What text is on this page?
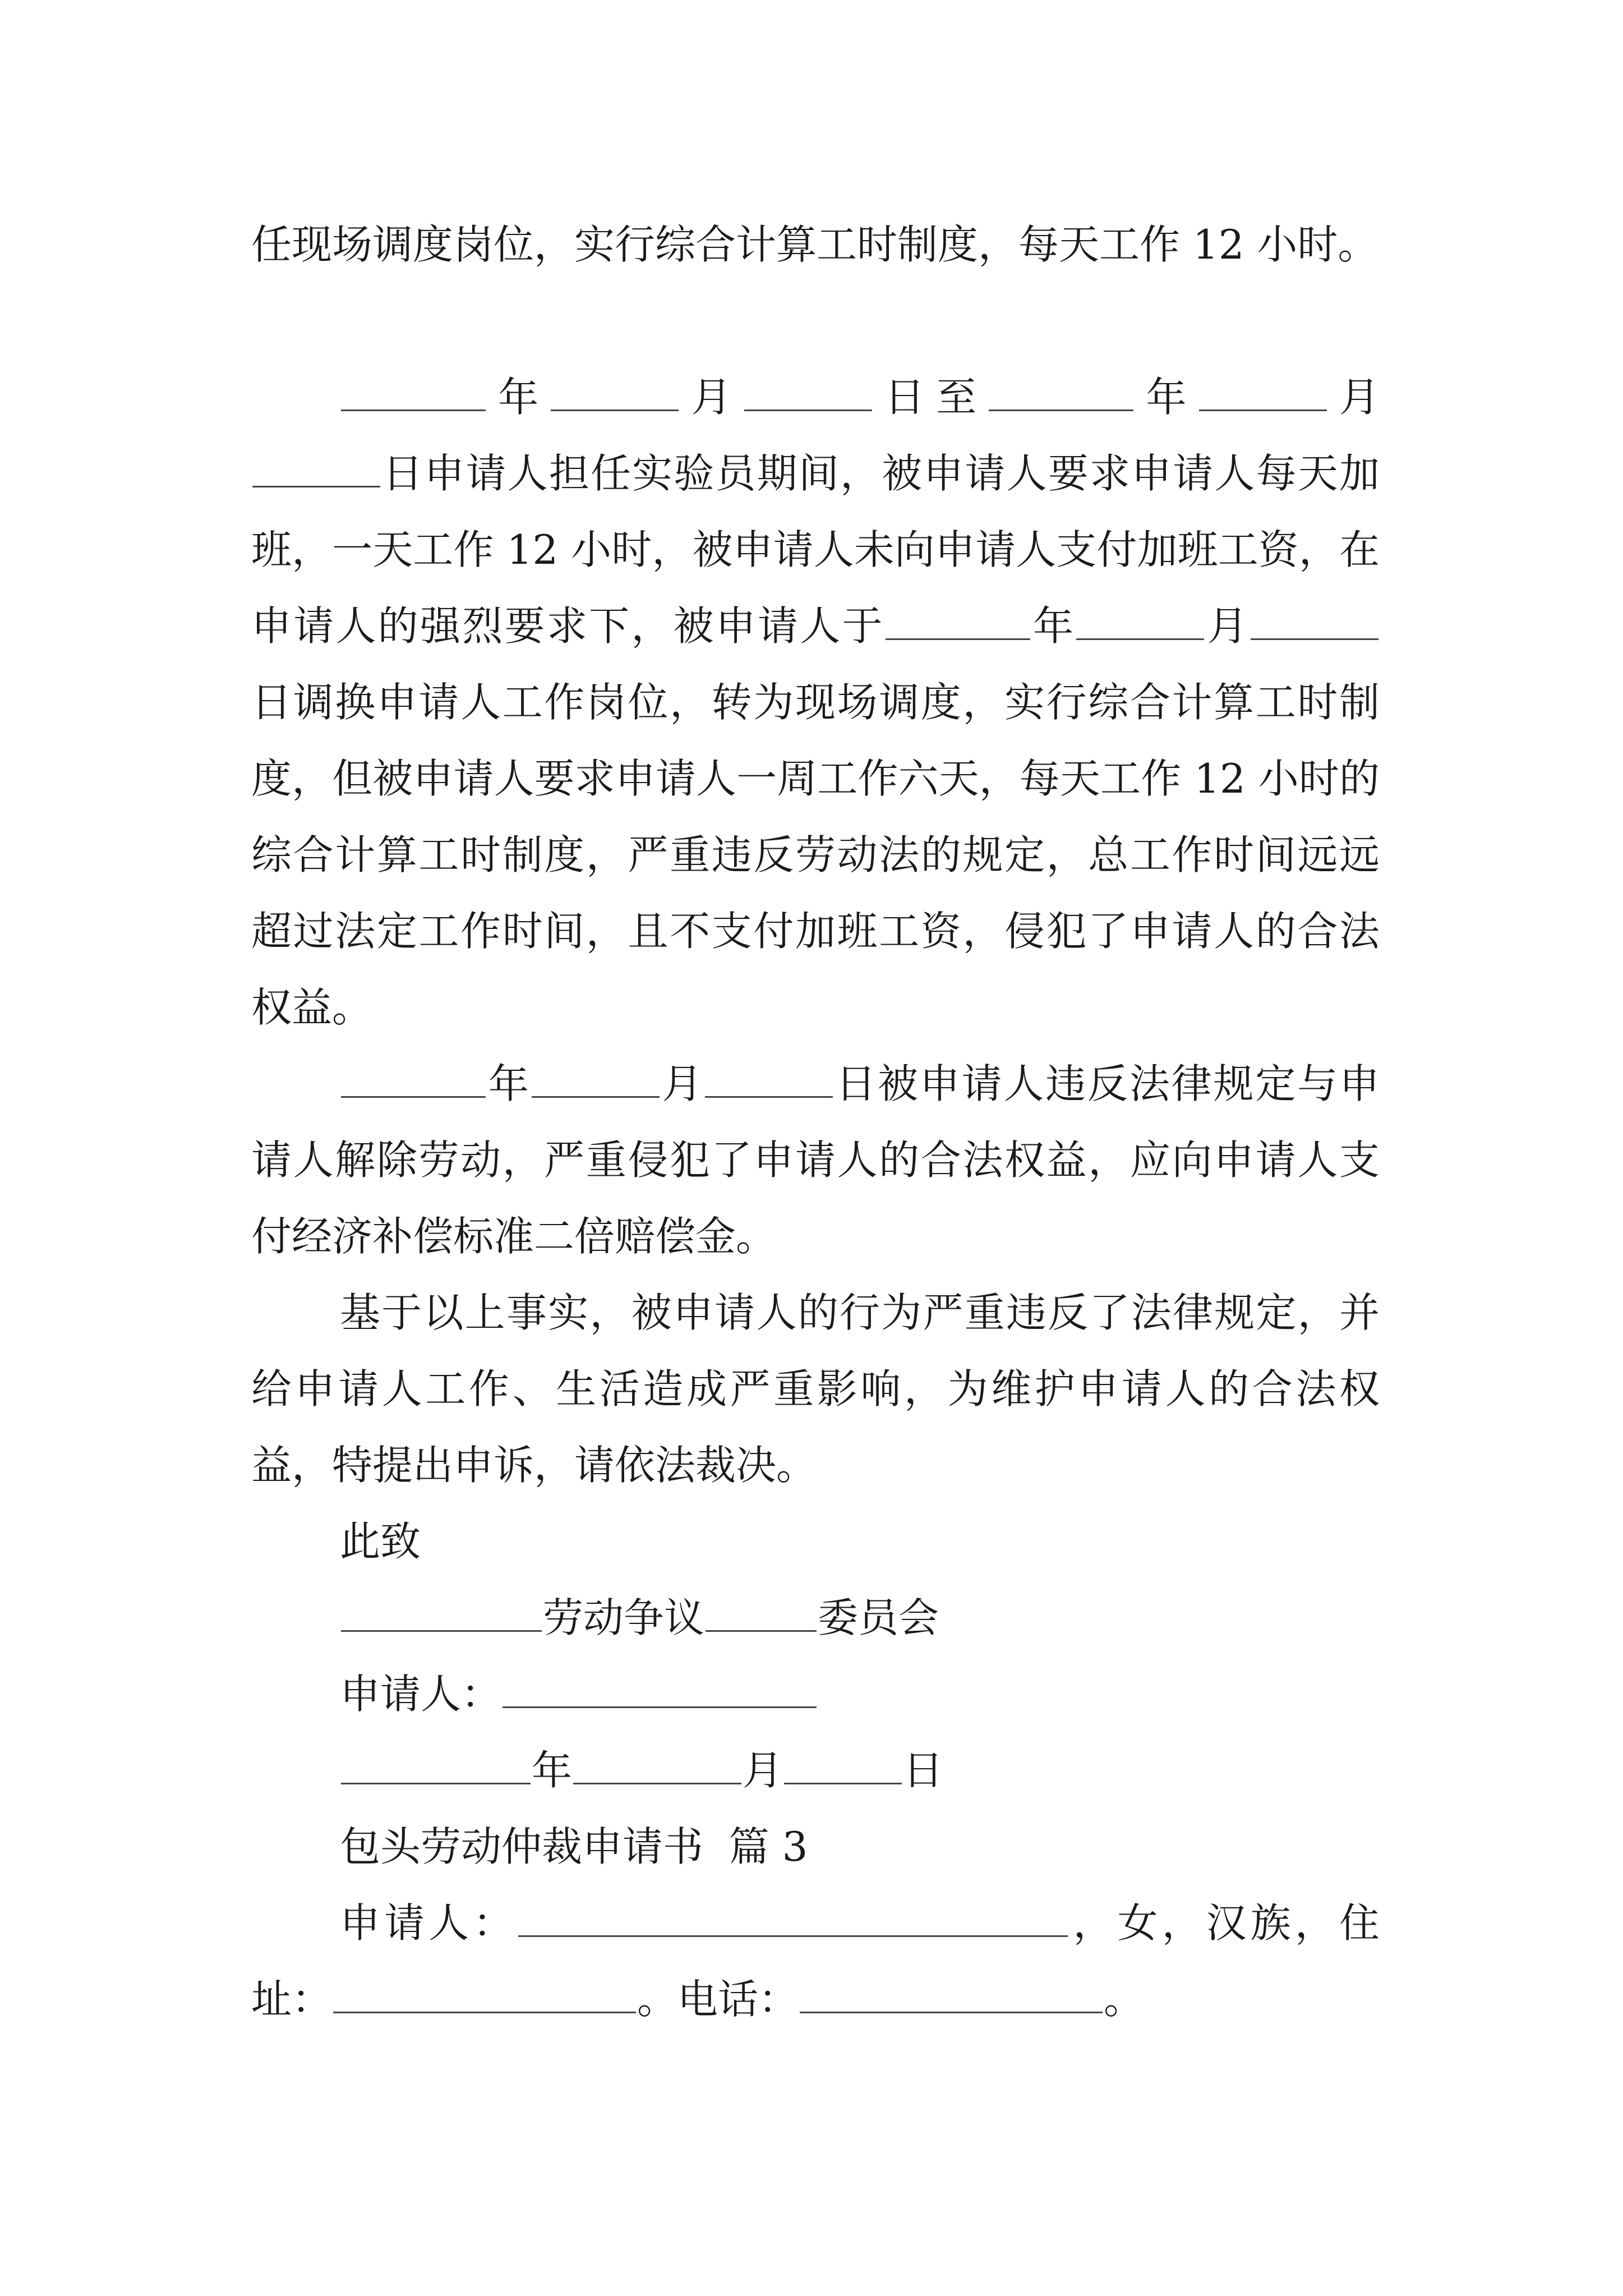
任现场调度岗位，实行综合计算工时制度，每天工作 12 小时。

年	月	日至	年	月日申请人担任实验员期间，被申请人要求申请人每天加班，一天工作 12 小时，被申请人未向申请人支付加班工资，在申请人的强烈要求下，被申请人于	年	月日调换申请人工作岗位，转为现场调度，实行综合计算工时制度，但被申请人要求申请人一周工作六天，每天工作 12 小时的综合计算工时制度，严重违反劳动法的规定，总工作时间远远超过法定工作时间，且不支付加班工资，侵犯了申请人的合法权益。

年	月	日被申请人违反法律规定与申请人解除劳动，严重侵犯了申请人的合法权益，应向申请人支付经济补偿标准二倍赔偿金。

基于以上事实，被申请人的行为严重违反了法律规定，并给申请人工作、生活造成严重影响，为维护申请人的合法权益，特提出申诉，请依法裁决。

此致
劳动争议	委员会
申请人：
年	月	日
包头劳动仲裁申请书  篇 3

申请人：	，女，汉族，住址：	。电话：	。
